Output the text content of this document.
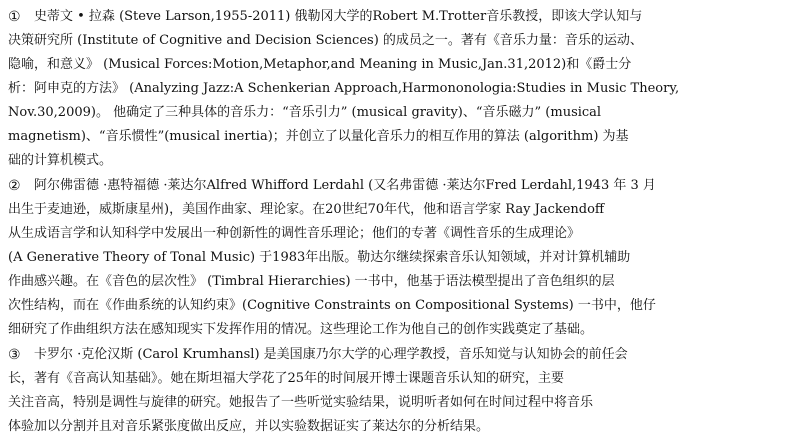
①	史蒂文 • 拉森 (Steve Larson,1955-2011) 俄勒冈大学的Robert M.Trotter音乐教授，即该大学认知与
决策研究所 (Institute of Cognitive and Decision Sciences) 的成员之一。著有《音乐力量：音乐的运动、
隐喻，和意义》 (Musical Forces:Motion,Metaphor,and Meaning in Music,Jan.31,2012)和《爵士分
析：阿申克的方法》 (Analyzing Jazz:A Schenkerian Approach,Harmononologia:Studies in Music Theory,
Nov.30,2009)。 他确定了三种具体的音乐力：“音乐引力” (musical gravity)、“音乐磁力” (musical
magnetism)、“音乐惯性”(musical inertia)；并创立了以量化音乐力的相互作用的算法 (algorithm) 为基
础的计算机模式。
②	阿尔佛雷德 ·惠特福德 ·莱达尔Alfred Whifford Lerdahl (又名弗雷德 ·莱达尔Fred Lerdahl,1943 年 3 月
出生于麦迪逊，威斯康星州)，美国作曲家、理论家。在20世纪70年代，他和语言学家 Ray Jackendoff
从生成语言学和认知科学中发展出一种创新性的调性音乐理论；他们的专著《调性音乐的生成理论》
(A Generative Theory of Tonal Music) 于1983年出版。勒达尔继续探索音乐认知领域，并对计算机辅助
作曲感兴趣。在《音色的层次性》 (Timbral Hierarchies) 一书中，他基于语法模型提出了音色组织的层
次性结构，而在《作曲系统的认知约束》(Cognitive Constraints on Compositional Systems) 一书中，他仔
细研究了作曲组织方法在感知现实下发挥作用的情况。这些理论工作为他自己的创作实践奠定了基础。
③	卡罗尔 ·克伦汉斯 (Carol Krumhansl) 是美国康乃尔大学的心理学教授，音乐知觉与认知协会的前任会
长，著有《音高认知基础》。她在斯坦福大学花了25年的时间展开博士课题音乐认知的研究，主要
关注音高，特别是调性与旋律的研究。她报告了一些听觉实验结果，说明听者如何在时间过程中将音乐
体验加以分割并且对音乐紧张度做出反应，并以实验数据证实了莱达尔的分析结果。
